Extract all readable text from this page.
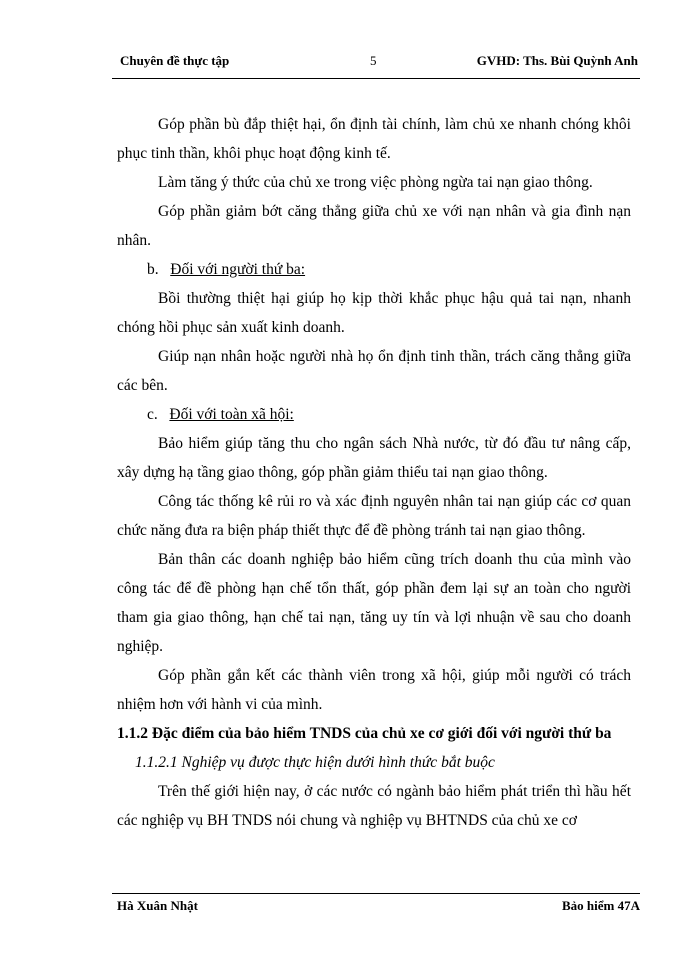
Chuyên đề thực tập	5	GVHD: Ths. Bùi Quỳnh Anh

Góp phần bù đắp thiệt hại, ổn định tài chính, làm chủ xe nhanh chóng khôi phục tinh thần, khôi phục hoạt động kinh tế.

Làm tăng ý thức của chủ xe trong việc phòng ngừa tai nạn giao thông.

Góp phần giảm bớt căng thẳng giữa chủ xe với nạn nhân và gia đình nạn nhân.

b. Đối với người thứ ba:

Bồi thường thiệt hại giúp họ kịp thời khắc phục hậu quả tai nạn, nhanh chóng hồi phục sản xuất kinh doanh.

Giúp nạn nhân hoặc người nhà họ ổn định tinh thần, trách căng thẳng giữa các bên.

c. Đối với toàn xã hội:

Bảo hiểm giúp tăng thu cho ngân sách Nhà nước, từ đó đầu tư nâng cấp, xây dựng hạ tầng giao thông, góp phần giảm thiểu tai nạn giao thông.

Công tác thống kê rủi ro và xác định nguyên nhân tai nạn giúp các cơ quan chức năng đưa ra biện pháp thiết thực để đề phòng tránh tai nạn giao thông.

Bản thân các doanh nghiệp bảo hiểm cũng trích doanh thu của mình vào công tác để đề phòng hạn chế tổn thất, góp phần đem lại sự an toàn cho người tham gia giao thông, hạn chế tai nạn, tăng uy tín và lợi nhuận về sau cho doanh nghiệp.

Góp phần gắn kết các thành viên trong xã hội, giúp mỗi người có trách nhiệm hơn với hành vi của mình.

1.1.2 Đặc điểm của bảo hiểm TNDS của chủ xe cơ giới đối với người thứ ba

1.1.2.1 Nghiệp vụ được thực hiện dưới hình thức bắt buộc

Trên thế giới hiện nay, ở các nước có ngành bảo hiểm phát triển thì hầu hết các nghiệp vụ BH TNDS nói chung và nghiệp vụ BHTNDS của chủ xe cơ

Hà Xuân Nhật	Bảo hiểm 47A
